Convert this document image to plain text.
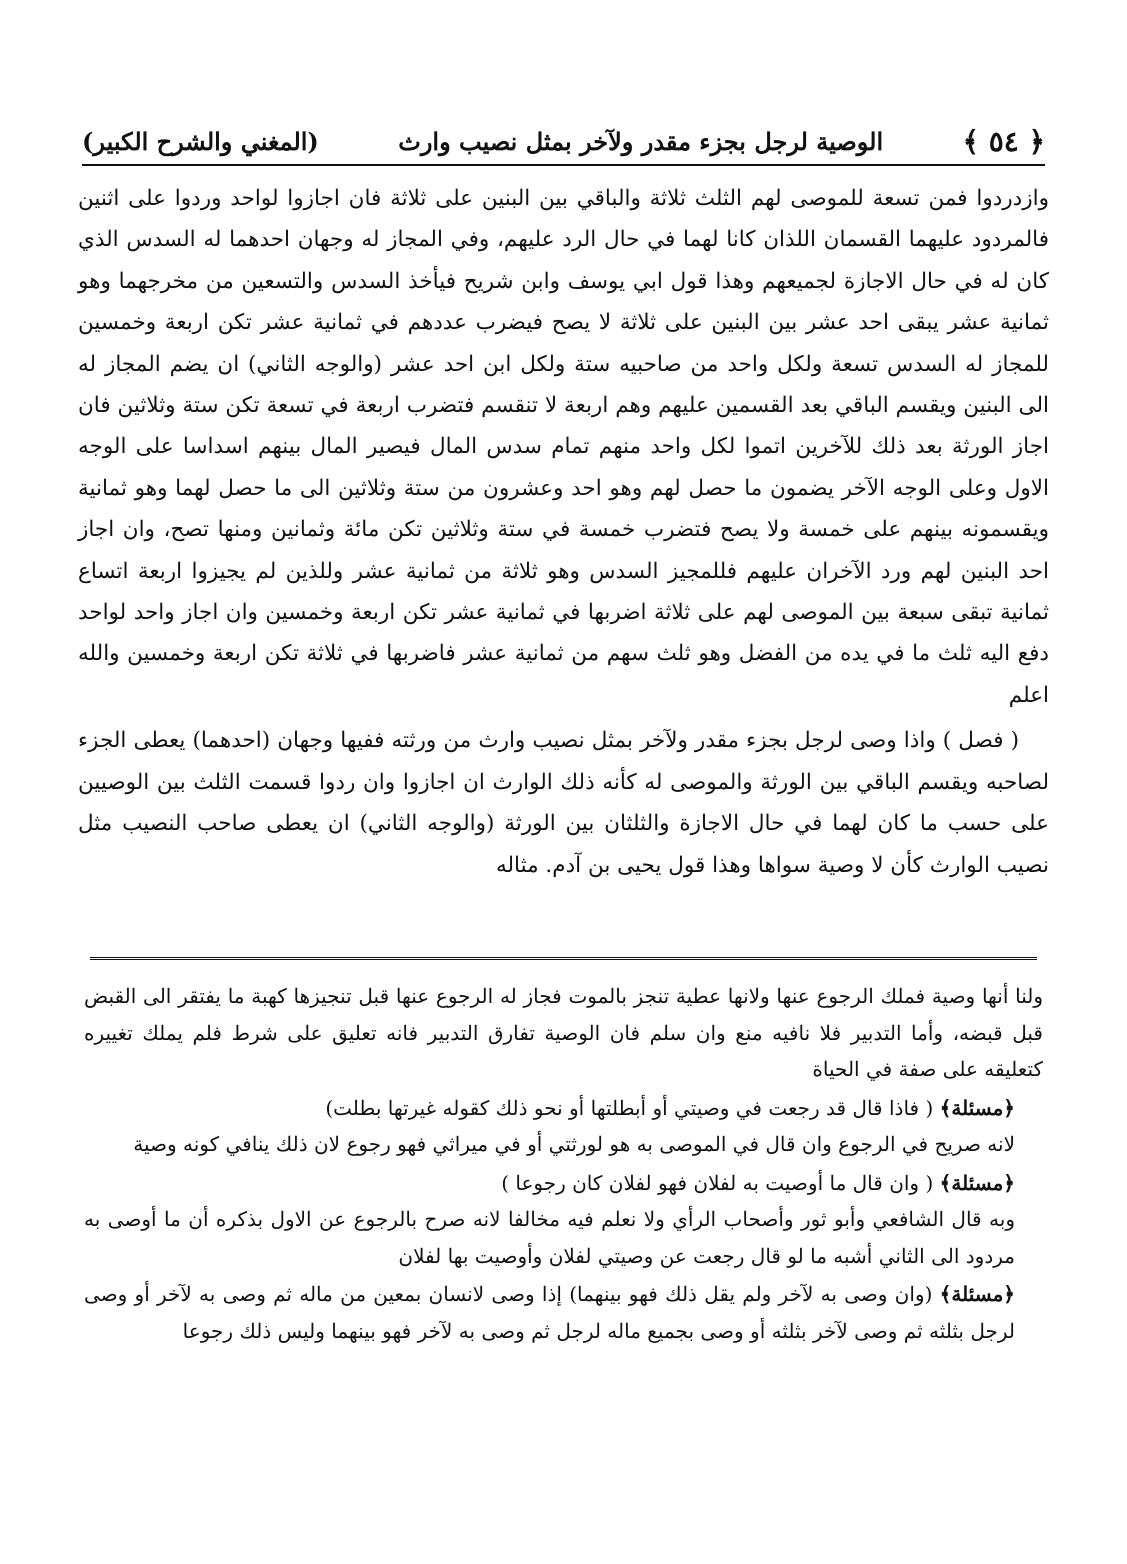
﴿ ٥٤ ﴾
الوصية لرجل بجزء مقدر ولآخر بمثل نصيب وارث
(المغني والشرح الكبير)

وازدردوا فمن تسعة للموصى لهم الثلث ثلاثة والباقي بين البنين على ثلاثة فان اجازوا لواحد وردوا على اثنين فالمردود عليهما القسمان اللذان كانا لهما في حال الرد عليهم، وفي المجاز له وجهان احدهما له السدس الذي كان له في حال الاجازة لجميعهم وهذا قول ابي يوسف وابن شريح فيأخذ السدس والتسعين من مخرجهما وهو ثمانية عشر يبقى احد عشر بين البنين على ثلاثة لا يصح فيضرب عددهم في ثمانية عشر تكن اربعة وخمسين للمجاز له السدس تسعة ولكل واحد من صاحبيه ستة ولكل ابن احد عشر (والوجه الثاني) ان يضم المجاز له الى البنين ويقسم الباقي بعد القسمين عليهم وهم اربعة لا تنقسم فتضرب اربعة في تسعة تكن ستة وثلاثين فان اجاز الورثة بعد ذلك للآخرين اتموا لكل واحد منهم تمام سدس المال فيصير المال بينهم اسداسا على الوجه الاول وعلى الوجه الآخر يضمون ما حصل لهم وهو احد وعشرون من ستة وثلاثين الى ما حصل لهما وهو ثمانية ويقسمونه بينهم على خمسة ولا يصح فتضرب خمسة في ستة وثلاثين تكن مائة وثمانين ومنها تصح، وان اجاز احد البنين لهم ورد الآخران عليهم فللمجيز السدس وهو ثلاثة من ثمانية عشر وللذين لم يجيزوا اربعة اتساع ثمانية تبقى سبعة بين الموصى لهم على ثلاثة اضربها في ثمانية عشر تكن اربعة وخمسين وان اجاز واحد لواحد دفع اليه ثلث ما في يده من الفضل وهو ثلث سهم من ثمانية عشر فاضربها في ثلاثة تكن اربعة وخمسين والله اعلم

( فصل ) واذا وصى لرجل بجزء مقدر ولآخر بمثل نصيب وارث من ورثته ففيها وجهان (احدهما) يعطى الجزء لصاحبه ويقسم الباقي بين الورثة والموصى له كأنه ذلك الوارث ان اجازوا وان ردوا قسمت الثلث بين الوصيين على حسب ما كان لهما في حال الاجازة والثلثان بين الورثة (والوجه الثاني) ان يعطى صاحب النصيب مثل نصيب الوارث كأن لا وصية سواها وهذا قول يحيى بن آدم. مثاله

ولنا أنها وصية فملك الرجوع عنها ولانها عطية تنجز بالموت فجاز له الرجوع عنها قبل تنجيزها كهبة ما يفتقر الى القبض قبل قبضه، وأما التدبير فلا نافيه منع وان سلم فان الوصية تفارق التدبير فانه تعليق على شرط فلم يملك تغييره كتعليقه على صفة في الحياة

﴿مسئلة﴾ ( فاذا قال قد رجعت في وصيتي أو أبطلتها أو نحو ذلك كقوله غيرتها بطلت)

لانه صريح في الرجوع وان قال في الموصى به هو لورثتي أو في ميراثي فهو رجوع لان ذلك ينافي كونه وصية

﴿مسئلة﴾ ( وان قال ما أوصيت به لفلان فهو لفلان كان رجوعا )

وبه قال الشافعي وأبو ثور وأصحاب الرأي ولا نعلم فيه مخالفا لانه صرح بالرجوع عن الاول بذكره أن ما أوصى به مردود الى الثاني أشبه ما لو قال رجعت عن وصيتي لفلان وأوصيت بها لفلان

﴿مسئلة﴾ (وان وصى به لآخر ولم يقل ذلك فهو بينهما) إذا وصى لانسان بمعين من ماله ثم وصى به لآخر أو وصى لرجل بثلثه ثم وصى لآخر بثلثه أو وصى بجميع ماله لرجل ثم وصى به لآخر فهو بينهما وليس ذلك رجوعا
